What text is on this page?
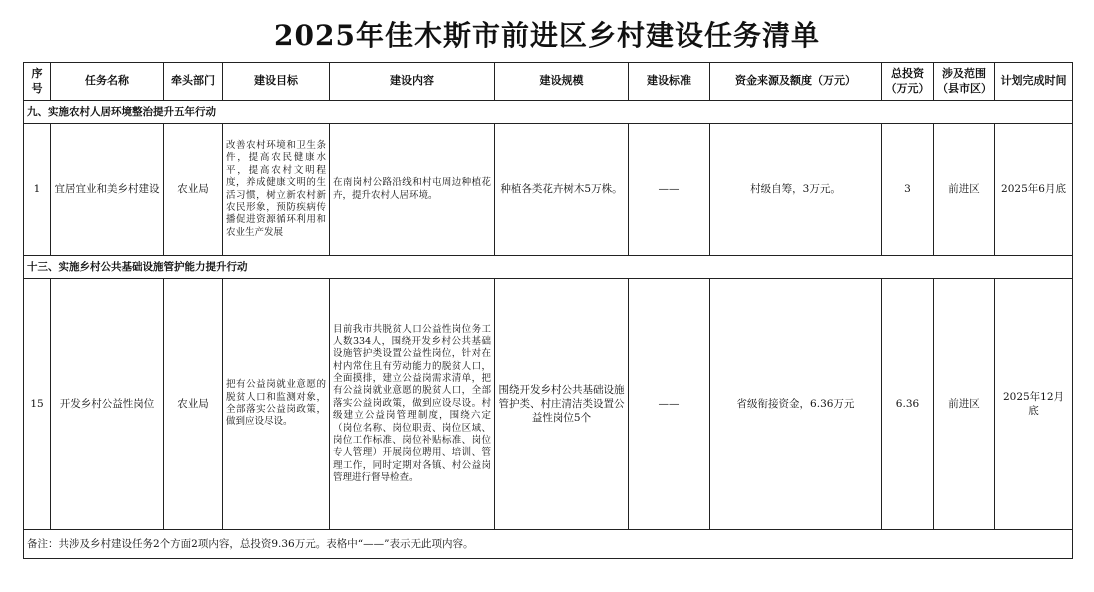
2025年佳木斯市前进区乡村建设任务清单
序号	任务名称	牵头部门	建设目标	建设内容	建设规模	建设标准	资金来源及额度（万元）	总投资（万元）	涉及范围（县市区）	计划完成时间
九、实施农村人居环境整治提升五年行动										
1	宜居宜业和美乡村建设	农业局	改善农村环境和卫生条件，提高农民健康水平，提高农村文明程度，养成健康文明的生活习惯，树立新农村新农民形象，预防疾病传播促进资源循环利用和农业生产发展	在南岗村公路沿线和村屯周边种植花卉，提升农村人居环境。	种植各类花卉树木5万株。	——	村级自筹，3万元。	3	前进区	2025年6月底
十三、实施乡村公共基础设施管护能力提升行动										
15	开发乡村公益性岗位	农业局	把有公益岗就业意愿的脱贫人口和监测对象，全部落实公益岗政策，做到应设尽设。	目前我市共脱贫人口公益性岗位务工人数334人，围绕开发乡村公共基础设施管护类设置公益性岗位，针对在村内常住且有劳动能力的脱贫人口，全面摸排，建立公益岗需求清单，把有公益岗就业意愿的脱贫人口，全部落实公益岗政策，做到应设尽设。村级建立公益岗管理制度，围绕六定（岗位名称、岗位职责、岗位区域、岗位工作标准、岗位补贴标准、岗位专人管理）开展岗位聘用、培训、管理工作，同时定期对各镇、村公益岗管理进行督导检查。	围绕开发乡村公共基础设施管护类、村庄清洁类设置公益性岗位5个	——	省级衔接资金，6.36万元	6.36	前进区	2025年12月底
备注：共涉及乡村建设任务2个方面2项内容，总投资9.36万元。表格中“——”表示无此项内容。										
